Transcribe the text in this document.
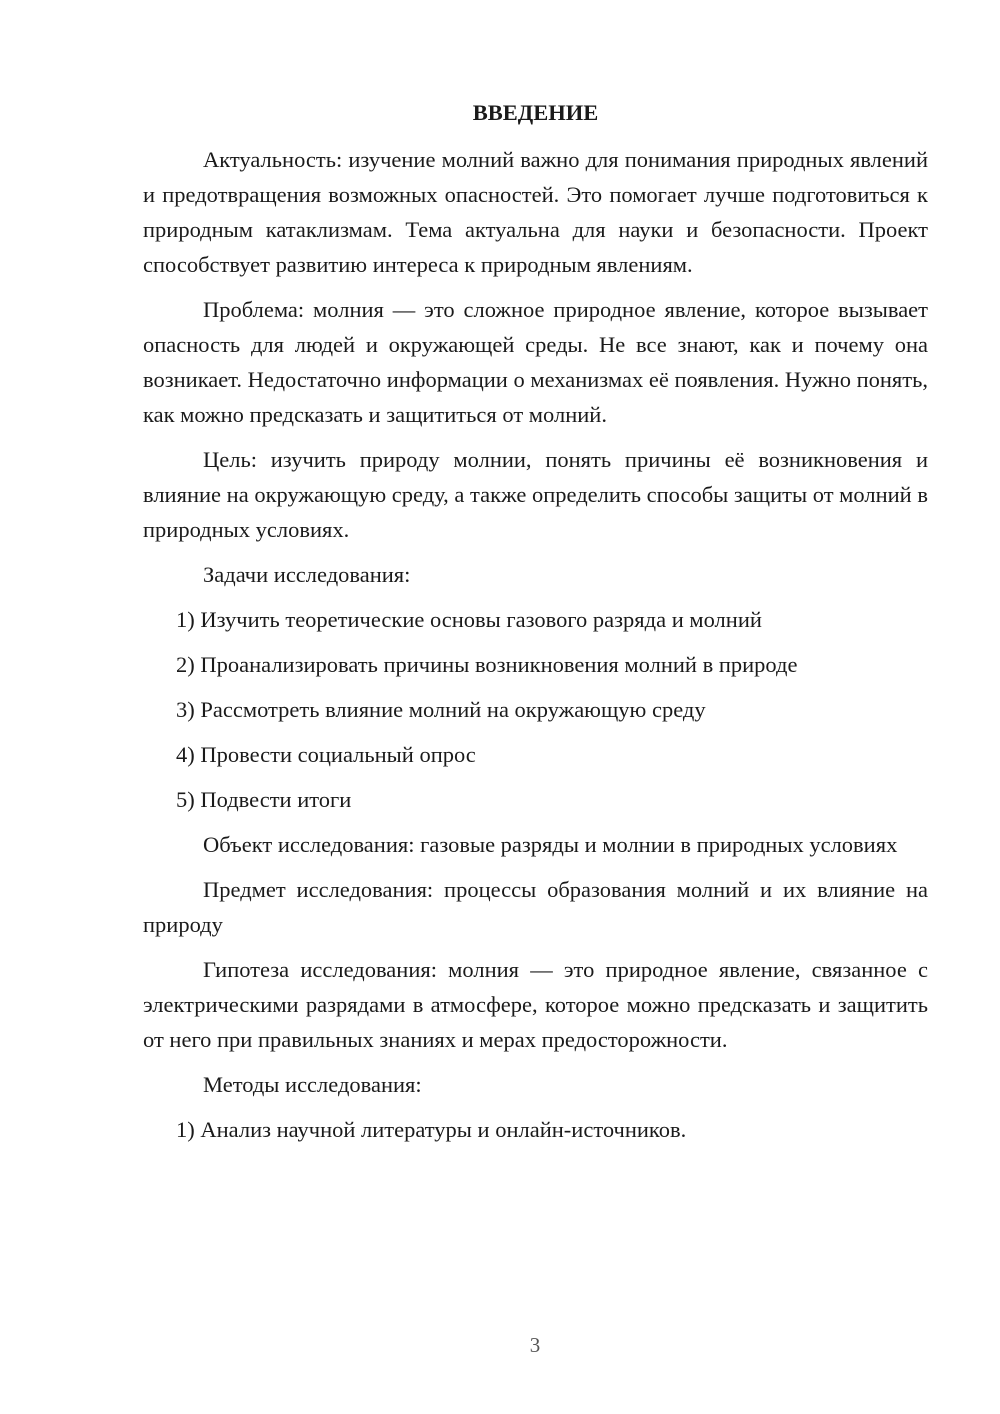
ВВЕДЕНИЕ

Актуальность: изучение молний важно для понимания природных явлений и предотвращения возможных опасностей. Это помогает лучше подготовиться к природным катаклизмам. Тема актуальна для науки и безопасности. Проект способствует развитию интереса к природным явлениям.

Проблема: молния — это сложное природное явление, которое вызывает опасность для людей и окружающей среды. Не все знают, как и почему она возникает. Недостаточно информации о механизмах её появления. Нужно понять, как можно предсказать и защититься от молний.

Цель: изучить природу молнии, понять причины её возникновения и влияние на окружающую среду, а также определить способы защиты от молний в природных условиях.

Задачи исследования:

1) Изучить теоретические основы газового разряда и молний
2) Проанализировать причины возникновения молний в природе
3) Рассмотреть влияние молний на окружающую среду
4) Провести социальный опрос
5) Подвести итоги

Объект исследования: газовые разряды и молнии в природных условиях

Предмет исследования: процессы образования молний и их влияние на природу

Гипотеза исследования: молния — это природное явление, связанное с электрическими разрядами в атмосфере, которое можно предсказать и защитить от него при правильных знаниях и мерах предосторожности.

Методы исследования:

1) Анализ научной литературы и онлайн-источников.
3
